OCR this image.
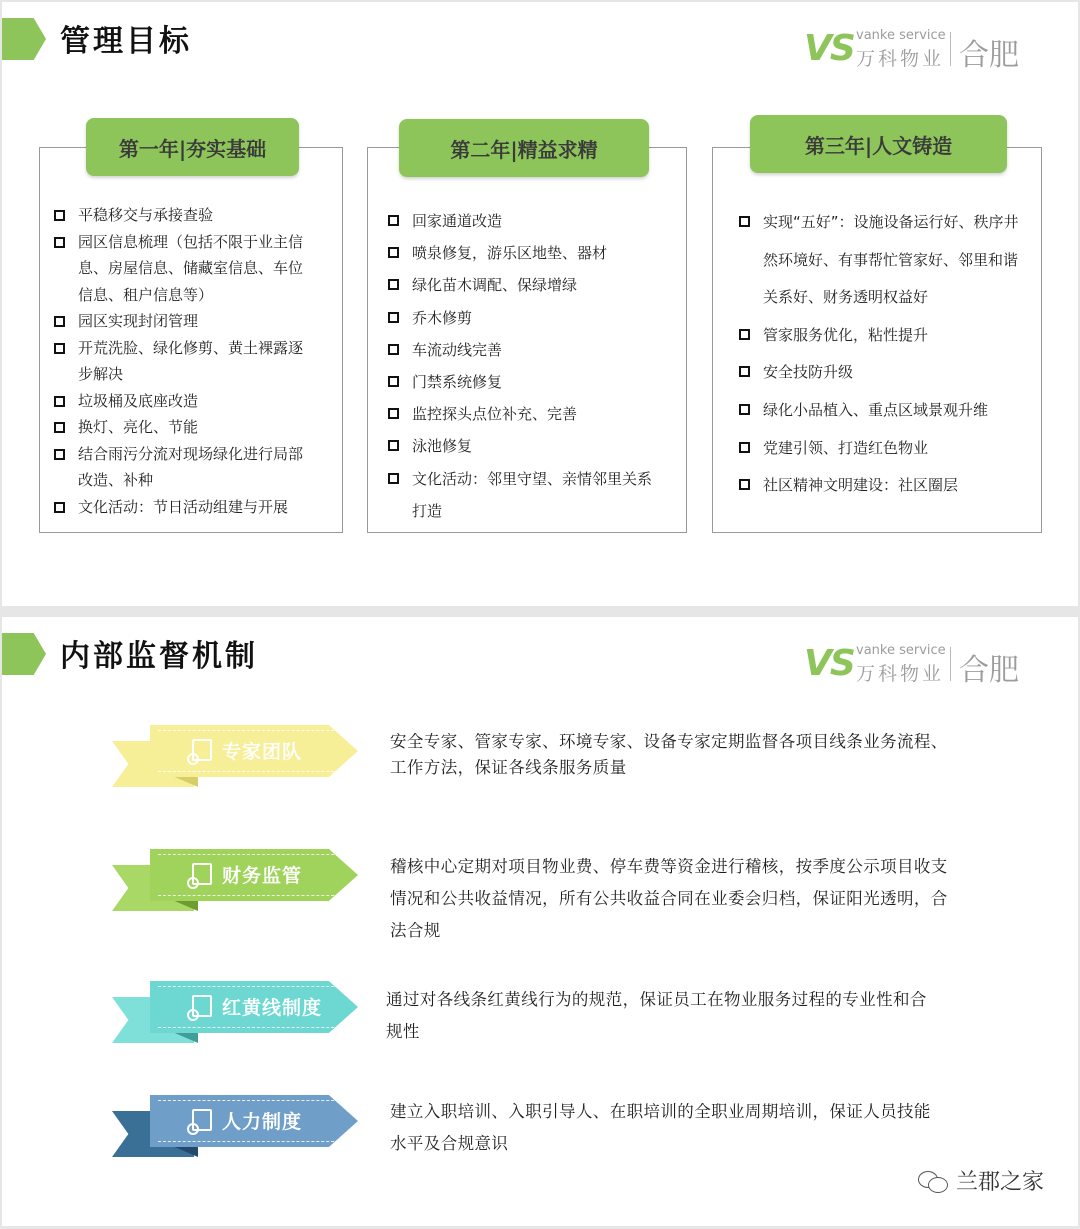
管理目标	VS vanke service
万科物业 合肥
平稳移交与承接查验
园区信息梳理（包括不限于业主信息、房屋信息、储藏室信息、车位信息、租户信息等）
园区实现封闭管理
开荒洗脸、绿化修剪、黄土裸露逐步解决
垃圾桶及底座改造
换灯、亮化、节能
结合雨污分流对现场绿化进行局部改造、补种
文化活动：节日活动组建与开展
第一年|夯实基础
回家通道改造
喷泉修复，游乐区地垫、器材
绿化苗木调配、保绿增绿
乔木修剪
车流动线完善
门禁系统修复
监控探头点位补充、完善
泳池修复
文化活动：邻里守望、亲情邻里关系打造
第二年|精益求精
实现“五好”：设施设备运行好、秩序井然环境好、有事帮忙管家好、邻里和谐关系好、财务透明权益好
管家服务优化，粘性提升
安全技防升级
绿化小品植入、重点区域景观升维
党建引领、打造红色物业
社区精神文明建设：社区圈层
第三年|人文铸造
内部监督机制	VS vanke service
万科物业 合肥
专家团队	安全专家、管家专家、环境专家、设备专家定期监督各项目线条业务流程、工作方法，保证各线条服务质量
财务监管	稽核中心定期对项目物业费、停车费等资金进行稽核，按季度公示项目收支情况和公共收益情况，所有公共收益合同在业委会归档，保证阳光透明，合法合规
红黄线制度	通过对各线条红黄线行为的规范，保证员工在物业服务过程的专业性和合规性
人力制度	建立入职培训、入职引导人、在职培训的全职业周期培训，保证人员技能水平及合规意识
兰郡之家
